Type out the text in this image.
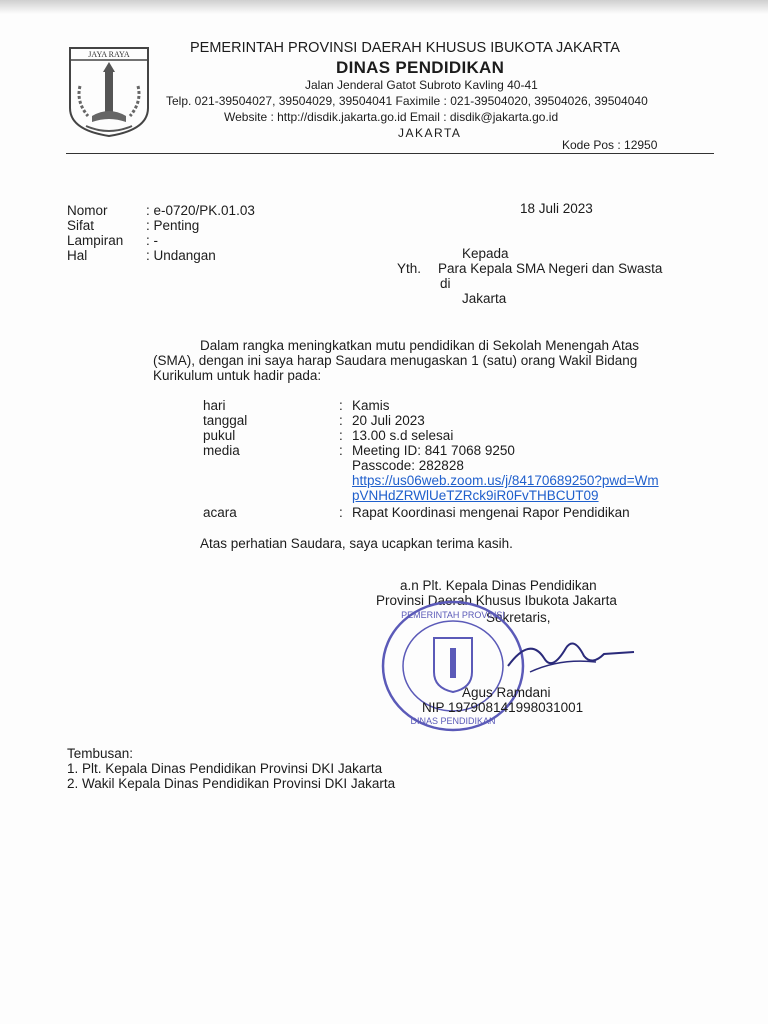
JAYA RAYA	PEMERINTAH PROVINSI DAERAH KHUSUS IBUKOTA JAKARTA
DINAS PENDIDIKAN
Jalan Jenderal Gatot Subroto Kavling 40-41
Telp. 021-39504027, 39504029, 39504041 Faximile : 021-39504020, 39504026, 39504040
Website : http://disdik.jakarta.go.id Email : disdik@jakarta.go.id
JAKARTA
Kode Pos : 12950
Nomor
Sifat
Lampiran
Hal
: e-0720/PK.01.03
: Penting
: -
: Undangan
18 Juli 2023
Kepada
Yth. Para Kepala SMA Negeri dan Swasta
di
Jakarta
Dalam rangka meningkatkan mutu pendidikan di Sekolah Menengah Atas
(SMA), dengan ini saya harap Saudara menugaskan 1 (satu) orang Wakil Bidang
Kurikulum untuk hadir pada:
hari
tanggal
pukul
media
:
:
:
:
Kamis
20 Juli 2023
13.00 s.d selesai
Meeting ID: 841 7068 9250
Passcode: 282828
https://us06web.zoom.us/j/84170689250?pwd=Wm
pVNHdZRWlUeTZRck9iR0FvTHBCUT09
acara	: Rapat Koordinasi mengenai Rapor Pendidikan
Atas perhatian Saudara, saya ucapkan terima kasih.
a.n Plt. Kepala Dinas Pendidikan
Provinsi Daerah Khusus Ibukota Jakarta
Sekretaris,
PEMERINTAH PROVINSI
DINAS PENDIDIKAN
Agus Ramdani
NIP 197908141998031001
Tembusan:
1. Plt. Kepala Dinas Pendidikan Provinsi DKI Jakarta
2. Wakil Kepala Dinas Pendidikan Provinsi DKI Jakarta
